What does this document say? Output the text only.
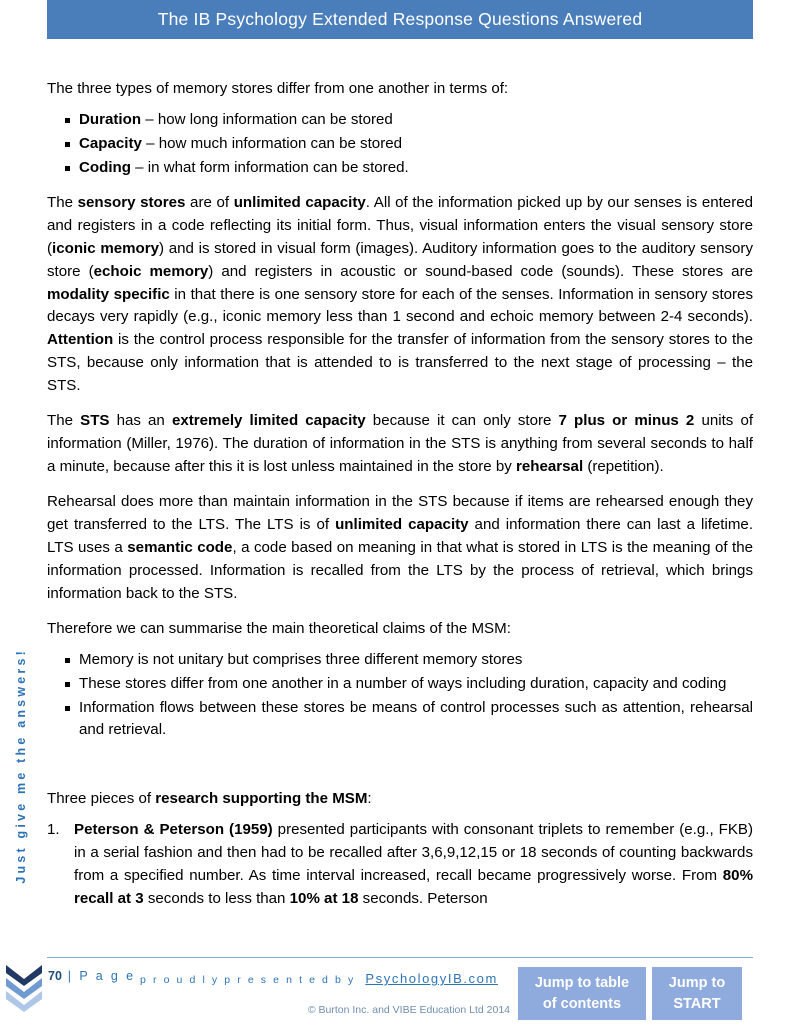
The IB Psychology Extended Response Questions Answered
Just give me the answers!

The three types of memory stores differ from one another in terms of:

Duration – how long information can be stored
Capacity – how much information can be stored
Coding – in what form information can be stored.

The sensory stores are of unlimited capacity. All of the information picked up by our senses is entered and registers in a code reflecting its initial form. Thus, visual information enters the visual sensory store (iconic memory) and is stored in visual form (images). Auditory information goes to the auditory sensory store (echoic memory) and registers in acoustic or sound-based code (sounds). These stores are modality specific in that there is one sensory store for each of the senses. Information in sensory stores decays very rapidly (e.g., iconic memory less than 1 second and echoic memory between 2-4 seconds). Attention is the control process responsible for the transfer of information from the sensory stores to the STS, because only information that is attended to is transferred to the next stage of processing – the STS.

The STS has an extremely limited capacity because it can only store 7 plus or minus 2 units of information (Miller, 1976). The duration of information in the STS is anything from several seconds to half a minute, because after this it is lost unless maintained in the store by rehearsal (repetition).

Rehearsal does more than maintain information in the STS because if items are rehearsed enough they get transferred to the LTS. The LTS is of unlimited capacity and information there can last a lifetime. LTS uses a semantic code, a code based on meaning in that what is stored in LTS is the meaning of the information processed. Information is recalled from the LTS by the process of retrieval, which brings information back to the STS.

Therefore we can summarise the main theoretical claims of the MSM:

Memory is not unitary but comprises three different memory stores
These stores differ from one another in a number of ways including duration, capacity and coding
Information flows between these stores be means of control processes such as attention, rehearsal and retrieval.

Three pieces of research supporting the MSM:

Peterson & Peterson (1959) presented participants with consonant triplets to remember (e.g., FKB) in a serial fashion and then had to be recalled after 3,6,9,12,15 or 18 seconds of counting backwards from a specified number. As time interval increased, recall became progressively worse. From 80% recall at 3 seconds to less than 10% at 18 seconds. Peterson
70 | P a g e p r o u d l y p r e s e n t e d b y PsychologyIB.com
© Burton Inc. and VIBE Education Ltd 2014
Jump to table
of contents
Jump to
START
